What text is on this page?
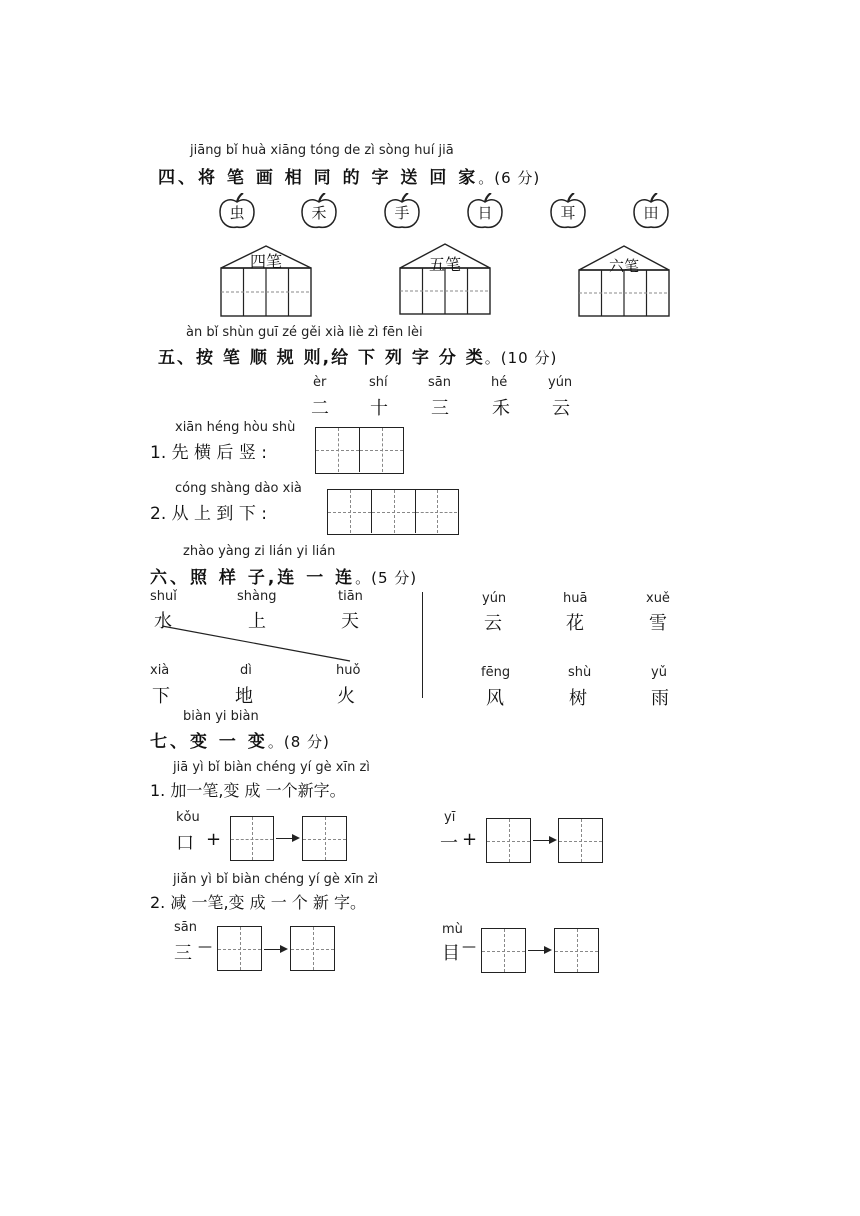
jiāng bǐ huà xiāng tóng de zì sòng huí jiā
四、将 笔 画 相 同 的 字 送 回 家。(6 分)
虫	禾	手	日	耳	田
四笔	五笔	六笔
àn bǐ shùn guī zé gěi xià liè zì fēn lèi
五、按 笔 顺 规 则,给 下 列 字 分 类。(10 分)
èr
二
shí
十
sān
三
hé
禾
yún
云
xiān héng hòu shù
1. 先 横 后 竖 :
cóng shàng dào xià
2. 从 上 到 下 :
zhào yàng zi lián yi lián
六、照 样 子,连 一 连。(5 分)
shuǐ
水
shàng
上
tiān
天
xià
下
dì
地
huǒ
火
yún
云
huā
花
xuě
雪
fēng
风
shù
树
yǔ
雨
biàn yi biàn
七、变 一 变。(8 分)
jiā yì bǐ biàn chéng yí gè xīn zì
1. 加一笔,变 成 一个新字。
kǒu
口 +
yī
一 +
jiǎn yì bǐ biàn chéng yí gè xīn zì
2. 减 一笔,变 成 一 个 新 字。
sān
三 —
mù
目 —
